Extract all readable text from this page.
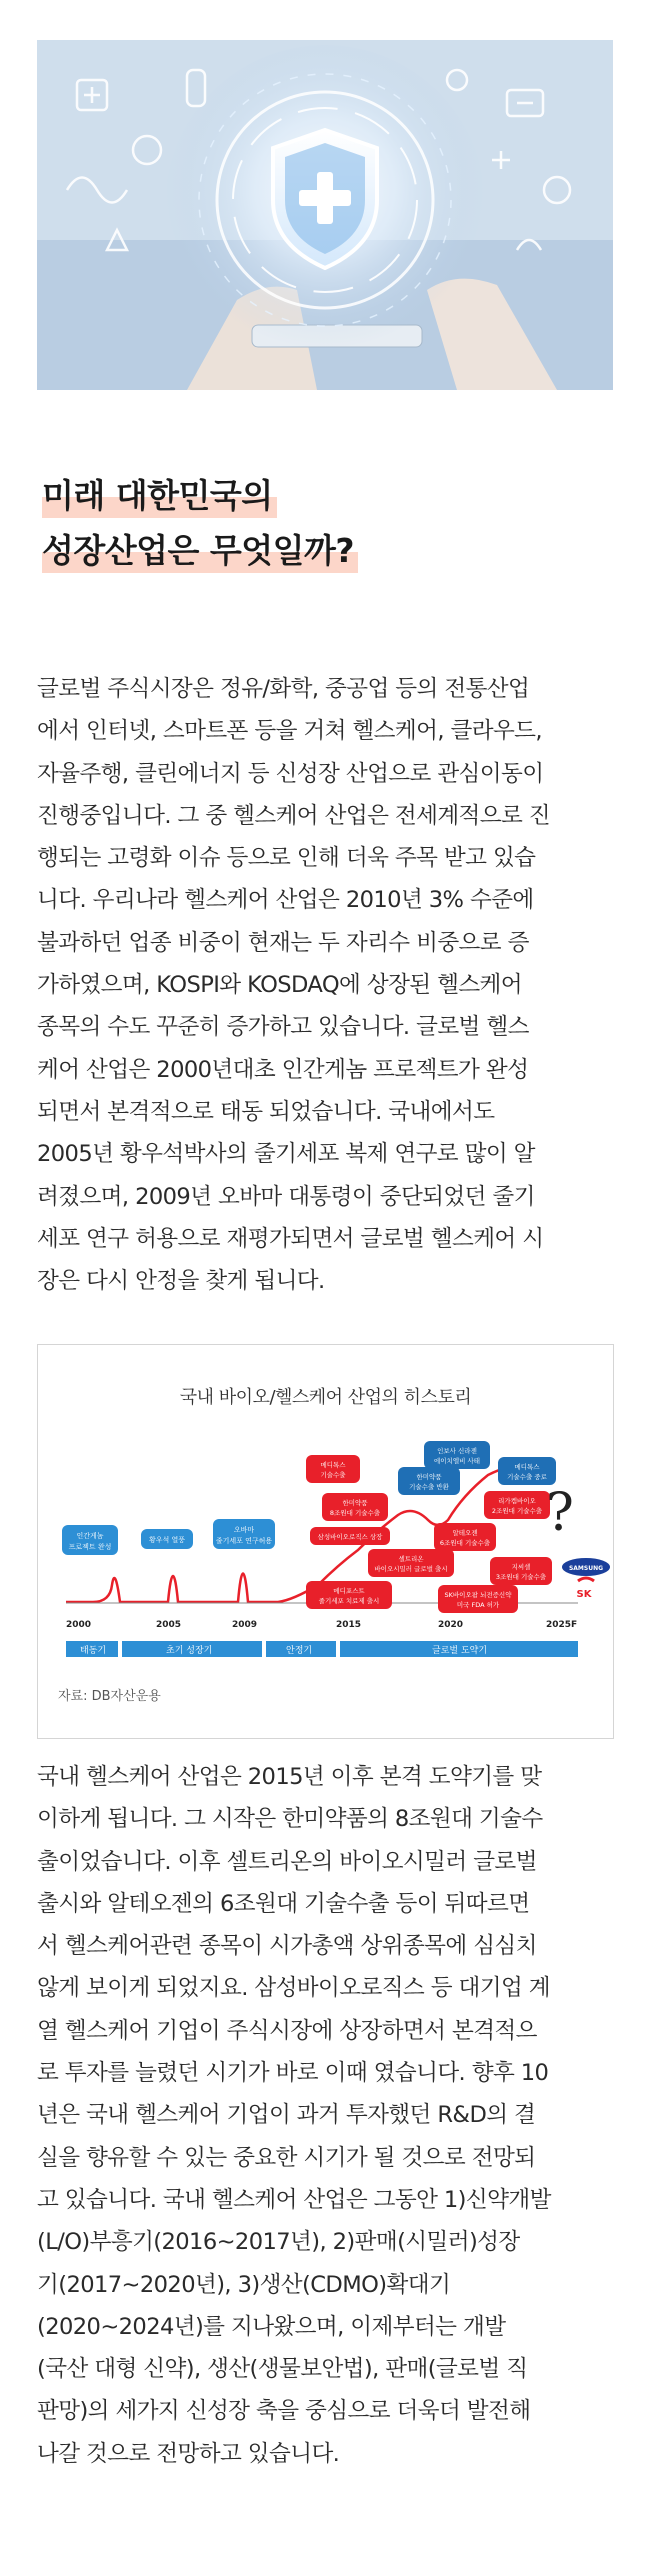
미래 대한민국의
성장산업은 무엇일까?
글로벌 주식시장은 정유/화학, 중공업 등의 전통산업
에서 인터넷, 스마트폰 등을 거쳐 헬스케어, 클라우드,
자율주행, 클린에너지 등 신성장 산업으로 관심이동이
진행중입니다. 그 중 헬스케어 산업은 전세계적으로 진
행되는 고령화 이슈 등으로 인해 더욱 주목 받고 있습
니다. 우리나라 헬스케어 산업은 2010년 3% 수준에
불과하던 업종 비중이 현재는 두 자리수 비중으로 증
가하였으며, KOSPI와 KOSDAQ에 상장된 헬스케어
종목의 수도 꾸준히 증가하고 있습니다. 글로벌 헬스
케어 산업은 2000년대초 인간게놈 프로젝트가 완성
되면서 본격적으로 태동 되었습니다. 국내에서도
2005년 황우석박사의 줄기세포 복제 연구로 많이 알
려졌으며, 2009년 오바마 대통령이 중단되었던 줄기
세포 연구 허용으로 재평가되면서 글로벌 헬스케어 시
장은 다시 안정을 찾게 됩니다.
국내 바이오/헬스케어 산업의 히스토리
태동기	초기 성장기	안정기	글로벌 도약기
2000	2005	2009	2015	2020	2025F
인간게놈
프로젝트 완성
황우석 열풍
오바마
줄기세포 연구허용
한미약품
기술수출 반환
인보사 신라젠
에이치엘비 사태
메디톡스
기술수출 중로
메디톡스
기술수출
한미약품
8조원대 기술수출
삼성바이오로직스 상장
셀트리온
바이오시밀러 글로벌 출시
메디포스트
줄기세포 치료제 출시
알테오젠
6조원대 기술수출
리가켐바이오
2조원대 기술수출
지씨셀
3조원대 기술수출
SK바이오팜 뇌전증신약
미국 FDA 허가
SAMSUNG
SK
?
자료: DB자산운용
국내 헬스케어 산업은 2015년 이후 본격 도약기를 맞
이하게 됩니다. 그 시작은 한미약품의 8조원대 기술수
출이었습니다. 이후 셀트리온의 바이오시밀러 글로벌
출시와 알테오젠의 6조원대 기술수출 등이 뒤따르면
서 헬스케어관련 종목이 시가총액 상위종목에 심심치
않게 보이게 되었지요. 삼성바이오로직스 등 대기업 계
열 헬스케어 기업이 주식시장에 상장하면서 본격적으
로 투자를 늘렸던 시기가 바로 이때 였습니다. 향후 10
년은 국내 헬스케어 기업이 과거 투자했던 R&D의 결
실을 향유할 수 있는 중요한 시기가 될 것으로 전망되
고 있습니다. 국내 헬스케어 산업은 그동안 1)신약개발
(L/O)부흥기(2016~2017년), 2)판매(시밀러)성장
기(2017~2020년), 3)생산(CDMO)확대기
(2020~2024년)를 지나왔으며, 이제부터는 개발
(국산 대형 신약), 생산(생물보안법), 판매(글로벌 직
판망)의 세가지 신성장 축을 중심으로 더욱더 발전해
나갈 것으로 전망하고 있습니다.
